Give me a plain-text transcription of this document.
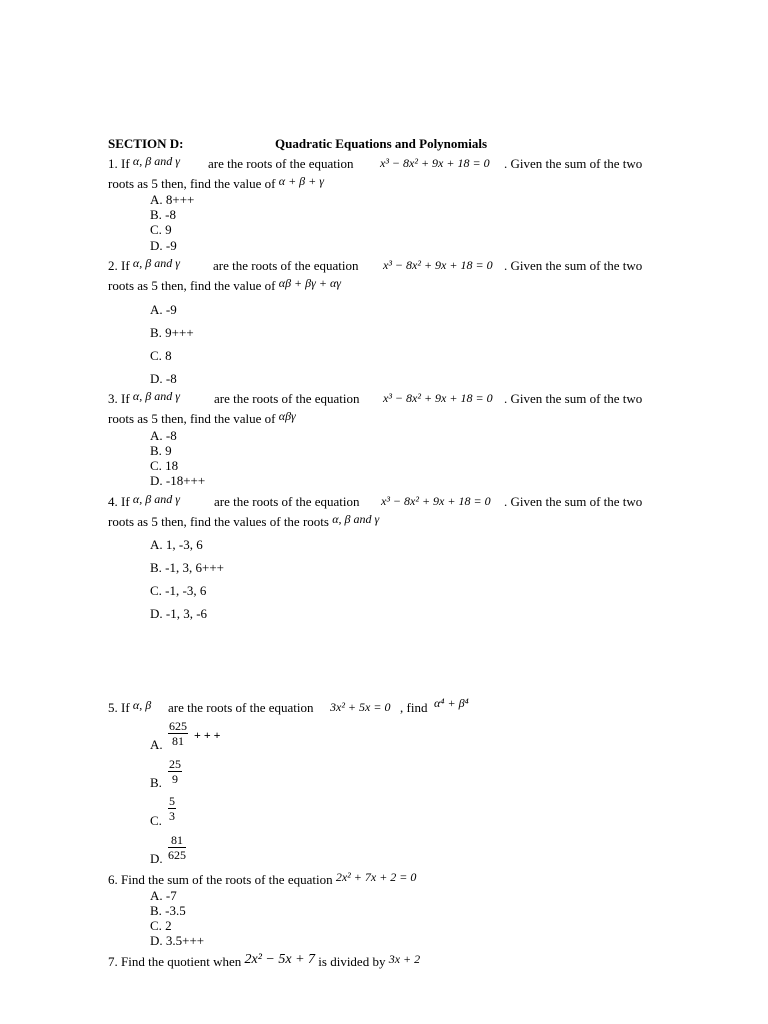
SECTION D:	Quadratic Equations and Polynomials
1. If α, β and γ are the roots of the equation x³ − 8x² + 9x + 18 = 0 . Given the sum of the two
roots as 5 then, find the value of α + β + γ
A. 8+++
B. -8
C. 9
D. -9
2. If α, β and γ	are the roots of the equation x³ − 8x² + 9x + 18 = 0 . Given the sum of the two
roots as 5 then, find the value of αβ + βγ + αγ
A. -9
B. 9+++
C. 8
D. -8
3. If α, β and γ	are the roots of the equation x³ − 8x² + 9x + 18 = 0 . Given the sum of the two
roots as 5 then, find the value of αβγ
A. -8
B. 9
C. 18
D. -18+++
4. If α, β and γ	are the roots of the equation x³ − 8x² + 9x + 18 = 0 . Given the sum of the two
roots as 5 then, find the values of the roots α, β and γ
A. 1, -3, 6
B. -1, 3, 6+++
C. -1, -3, 6
D. -1, 3, -6
5. If α, β are the roots of the equation 3x² + 5x = 0 , find α⁴ + β⁴
A. $\frac{625}{81}$ + + +
B. $\frac{25}{9}$
C. $\frac{5}{3}$
D. $\frac{81}{625}$
6. Find the sum of the roots of the equation 2x² + 7x + 2 = 0
A. -7
B. -3.5
C. 2
D. 3.5+++
7. Find the quotient when 2x² − 5x + 7 is divided by 3x + 2
